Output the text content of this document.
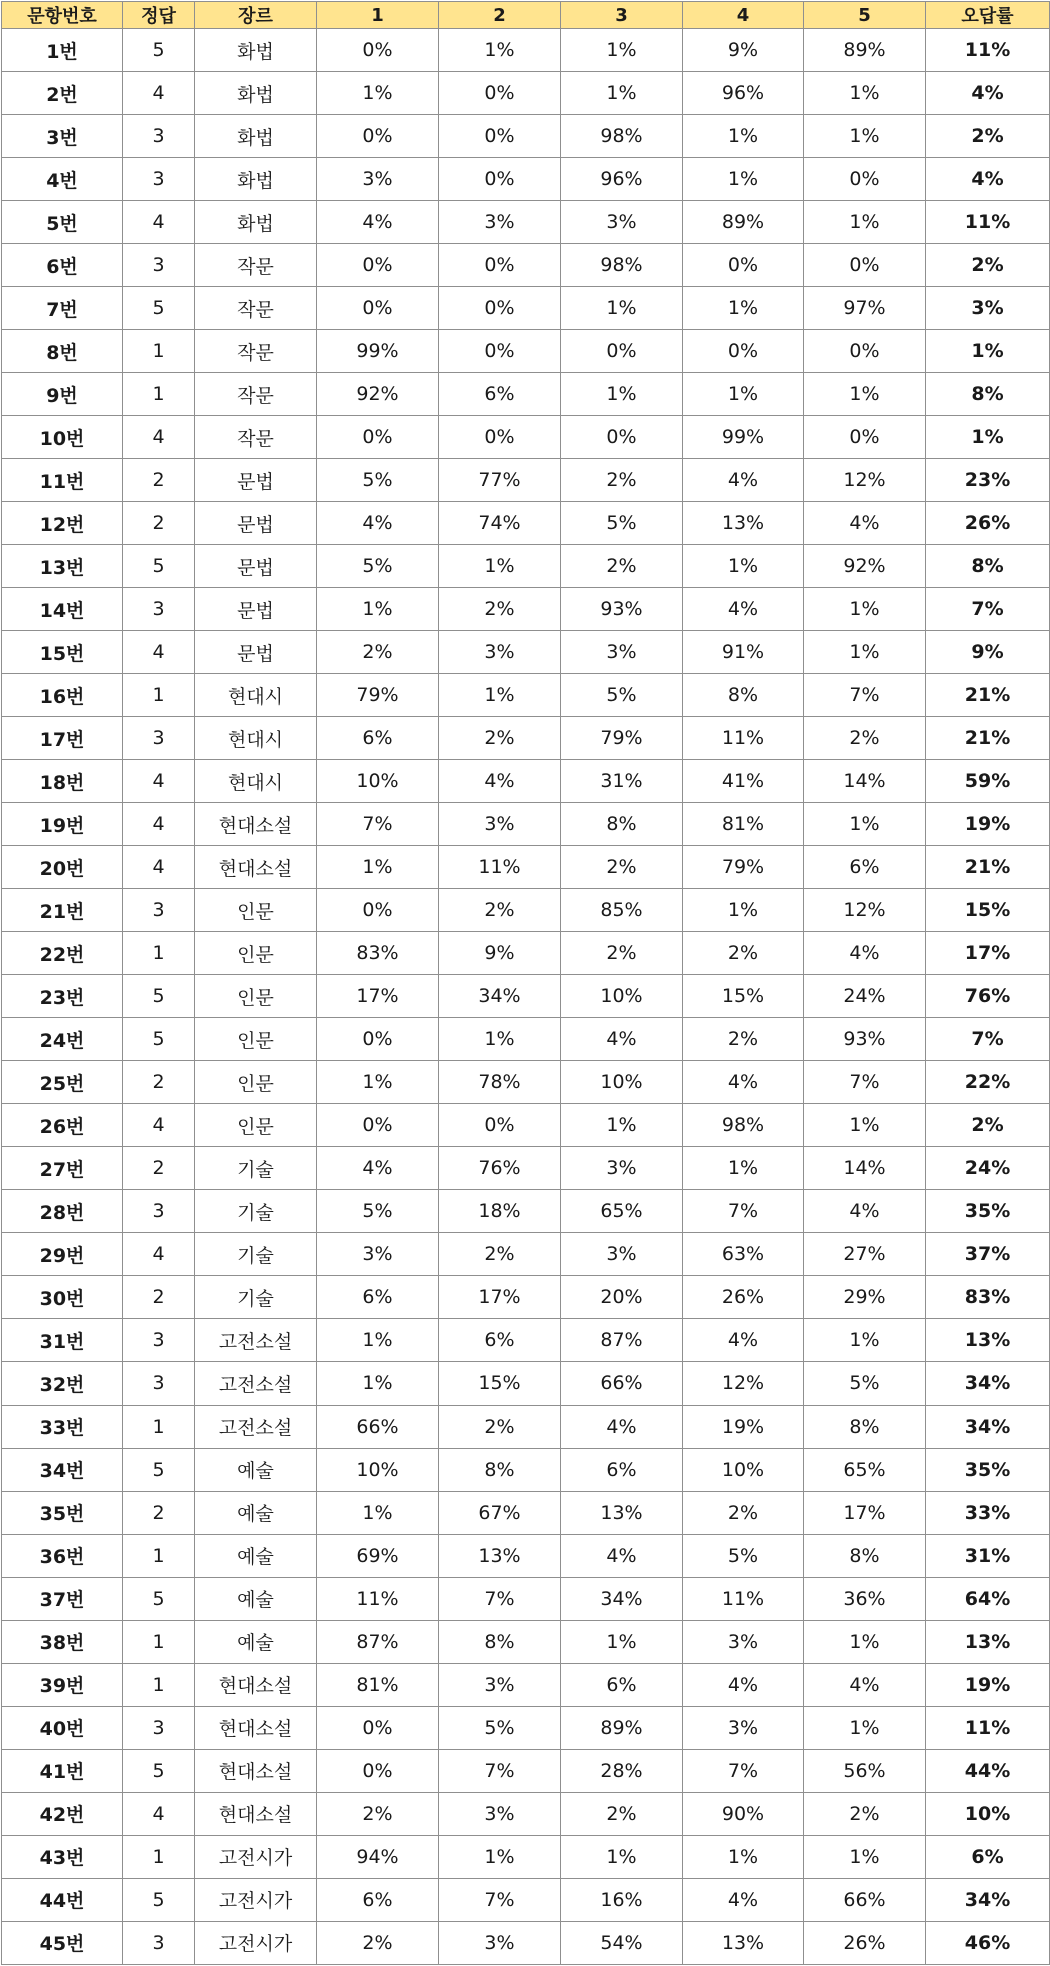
문항번호	정답	장르	1	2	3	4	5	오답률
1번	5	화법	0%	1%	1%	9%	89%	11%
2번	4	화법	1%	0%	1%	96%	1%	4%
3번	3	화법	0%	0%	98%	1%	1%	2%
4번	3	화법	3%	0%	96%	1%	0%	4%
5번	4	화법	4%	3%	3%	89%	1%	11%
6번	3	작문	0%	0%	98%	0%	0%	2%
7번	5	작문	0%	0%	1%	1%	97%	3%
8번	1	작문	99%	0%	0%	0%	0%	1%
9번	1	작문	92%	6%	1%	1%	1%	8%
10번	4	작문	0%	0%	0%	99%	0%	1%
11번	2	문법	5%	77%	2%	4%	12%	23%
12번	2	문법	4%	74%	5%	13%	4%	26%
13번	5	문법	5%	1%	2%	1%	92%	8%
14번	3	문법	1%	2%	93%	4%	1%	7%
15번	4	문법	2%	3%	3%	91%	1%	9%
16번	1	현대시	79%	1%	5%	8%	7%	21%
17번	3	현대시	6%	2%	79%	11%	2%	21%
18번	4	현대시	10%	4%	31%	41%	14%	59%
19번	4	현대소설	7%	3%	8%	81%	1%	19%
20번	4	현대소설	1%	11%	2%	79%	6%	21%
21번	3	인문	0%	2%	85%	1%	12%	15%
22번	1	인문	83%	9%	2%	2%	4%	17%
23번	5	인문	17%	34%	10%	15%	24%	76%
24번	5	인문	0%	1%	4%	2%	93%	7%
25번	2	인문	1%	78%	10%	4%	7%	22%
26번	4	인문	0%	0%	1%	98%	1%	2%
27번	2	기술	4%	76%	3%	1%	14%	24%
28번	3	기술	5%	18%	65%	7%	4%	35%
29번	4	기술	3%	2%	3%	63%	27%	37%
30번	2	기술	6%	17%	20%	26%	29%	83%
31번	3	고전소설	1%	6%	87%	4%	1%	13%
32번	3	고전소설	1%	15%	66%	12%	5%	34%
33번	1	고전소설	66%	2%	4%	19%	8%	34%
34번	5	예술	10%	8%	6%	10%	65%	35%
35번	2	예술	1%	67%	13%	2%	17%	33%
36번	1	예술	69%	13%	4%	5%	8%	31%
37번	5	예술	11%	7%	34%	11%	36%	64%
38번	1	예술	87%	8%	1%	3%	1%	13%
39번	1	현대소설	81%	3%	6%	4%	4%	19%
40번	3	현대소설	0%	5%	89%	3%	1%	11%
41번	5	현대소설	0%	7%	28%	7%	56%	44%
42번	4	현대소설	2%	3%	2%	90%	2%	10%
43번	1	고전시가	94%	1%	1%	1%	1%	6%
44번	5	고전시가	6%	7%	16%	4%	66%	34%
45번	3	고전시가	2%	3%	54%	13%	26%	46%
